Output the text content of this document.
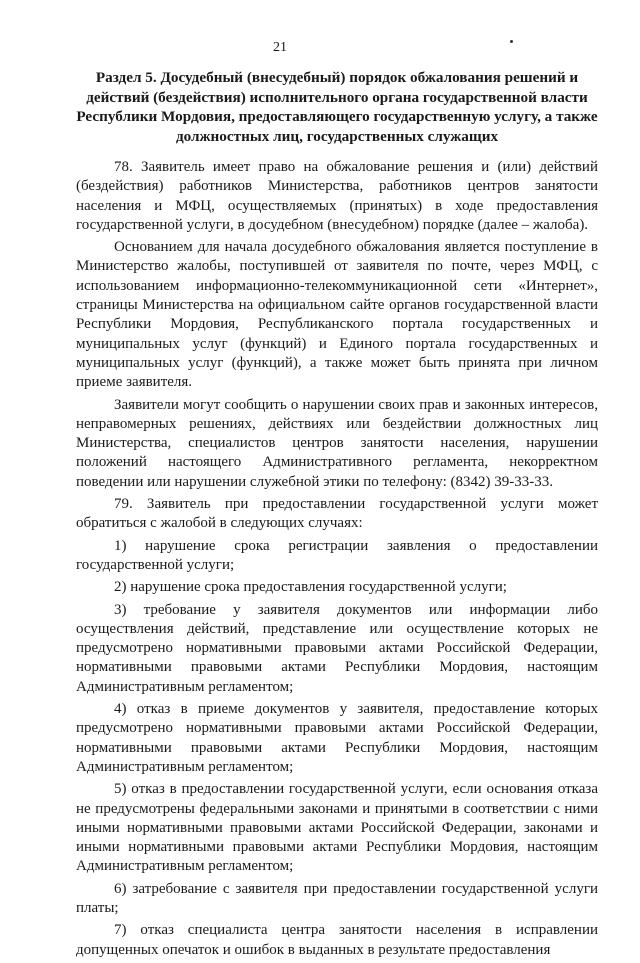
21
Раздел 5. Досудебный (внесудебный) порядок обжалования решений и действий (бездействия) исполнительного органа государственной власти Республики Мордовия, предоставляющего государственную услугу, а также должностных лиц, государственных служащих

78. Заявитель имеет право на обжалование решения и (или) действий (бездействия) работников Министерства, работников центров занятости населения и МФЦ, осуществляемых (принятых) в ходе предоставления государственной услуги, в досудебном (внесудебном) порядке (далее – жалоба).

Основанием для начала досудебного обжалования является поступление в Министерство жалобы, поступившей от заявителя по почте, через МФЦ, с использованием информационно-телекоммуникационной сети «Интернет», страницы Министерства на официальном сайте органов государственной власти Республики Мордовия, Республиканского портала государственных и муниципальных услуг (функций) и Единого портала государственных и муниципальных услуг (функций), а также может быть принята при личном приеме заявителя.

Заявители могут сообщить о нарушении своих прав и законных интересов, неправомерных решениях, действиях или бездействии должностных лиц Министерства, специалистов центров занятости населения, нарушении положений настоящего Административного регламента, некорректном поведении или нарушении служебной этики по телефону: (8342) 39-33-33.

79. Заявитель при предоставлении государственной услуги может обратиться с жалобой в следующих случаях:

1) нарушение срока регистрации заявления о предоставлении государственной услуги;

2) нарушение срока предоставления государственной услуги;

3) требование у заявителя документов или информации либо осуществления действий, представление или осуществление которых не предусмотрено нормативными правовыми актами Российской Федерации, нормативными правовыми актами Республики Мордовия, настоящим Административным регламентом;

4) отказ в приеме документов у заявителя, предоставление которых предусмотрено нормативными правовыми актами Российской Федерации, нормативными правовыми актами Республики Мордовия, настоящим Административным регламентом;

5) отказ в предоставлении государственной услуги, если основания отказа не предусмотрены федеральными законами и принятыми в соответствии с ними иными нормативными правовыми актами Российской Федерации, законами и иными нормативными правовыми актами Республики Мордовия, настоящим Административным регламентом;

6) затребование с заявителя при предоставлении государственной услуги платы;

7) отказ специалиста центра занятости населения в исправлении допущенных опечаток и ошибок в выданных в результате предоставления
